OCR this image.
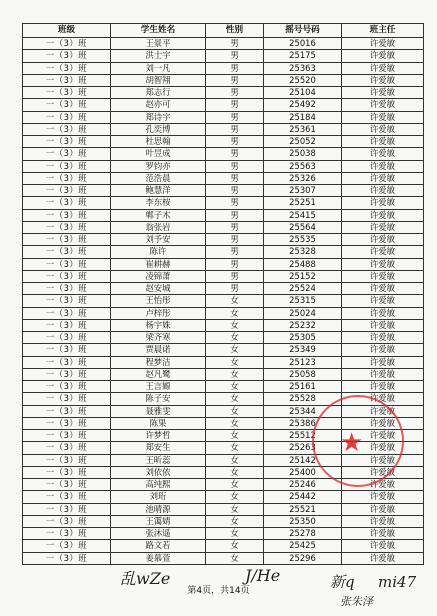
班级	学生姓名	性别	摇号号码	班主任
一（3）班	王景平	男	25016	许爱敏
一（3）班	洪士宇	男	25175	许爱敏
一（3）班	刘一凡	男	25363	许爱敏
一（3）班	胡智翔	男	25520	许爱敏
一（3）班	郑志行	男	25104	许爱敏
一（3）班	赵亦可	男	25492	许爱敏
一（3）班	郑诗宇	男	25184	许爱敏
一（3）班	孔奕博	男	25361	许爱敏
一（3）班	杜思翰	男	25052	许爱敏
一（3）班	叶昱成	男	25038	许爱敏
一（3）班	罗钧亦	男	25563	许爱敏
一（3）班	范浩晨	男	25326	许爱敏
一（3）班	鲍慧洋	男	25307	许爱敏
一（3）班	李东桉	男	25251	许爱敏
一（3）班	郸子木	男	25415	许爱敏
一（3）班	翁张岩	男	25564	许爱敏
一（3）班	刘予安	男	25535	许爱敏
一（3）班	陈许	男	25328	许爱敏
一（3）班	崔耕赫	男	25488	许爱敏
一（3）班	凌锦萧	男	25152	许爱敏
一（3）班	赵安城	男	25524	许爱敏
一（3）班	王怡彤	女	25315	许爱敏
一（3）班	卢梓彤	女	25024	许爱敏
一（3）班	杨宇姝	女	25232	许爱敏
一（3）班	梁齐寒	女	25305	许爱敏
一（3）班	贾晨诺	女	25349	许爱敏
一（3）班	程梦洁	女	25123	许爱敏
一（3）班	赵凡鹭	女	25058	许爱敏
一（3）班	王言嫄	女	25161	许爱敏
一（3）班	陈子安	女	25528	许爱敏
一（3）班	聂雅雯	女	25344	许爱敏
一（3）班	陈果	女	25386	许爱敏
一（3）班	许梦哲	女	25512	许爱敏
一（3）班	郑安生	女	25263	许爱敏
一（3）班	王昕蕊	女	25142	许爱敏
一（3）班	刘依依	女	25400	许爱敏
一（3）班	高纯熙	女	25246	许爱敏
一（3）班	刘珩	女	25442	许爱敏
一（3）班	池晴源	女	25521	许爱敏
一（3）班	王霭婧	女	25350	许爱敏
一（3）班	张沐遥	女	25278	许爱敏
一（3）班	路文若	女	25425	许爱敏
一（3）班	姜慕萱	女	25296	许爱敏
★
乱wZe	J/He	新q mi47
张朱泽
第4页，共14页
